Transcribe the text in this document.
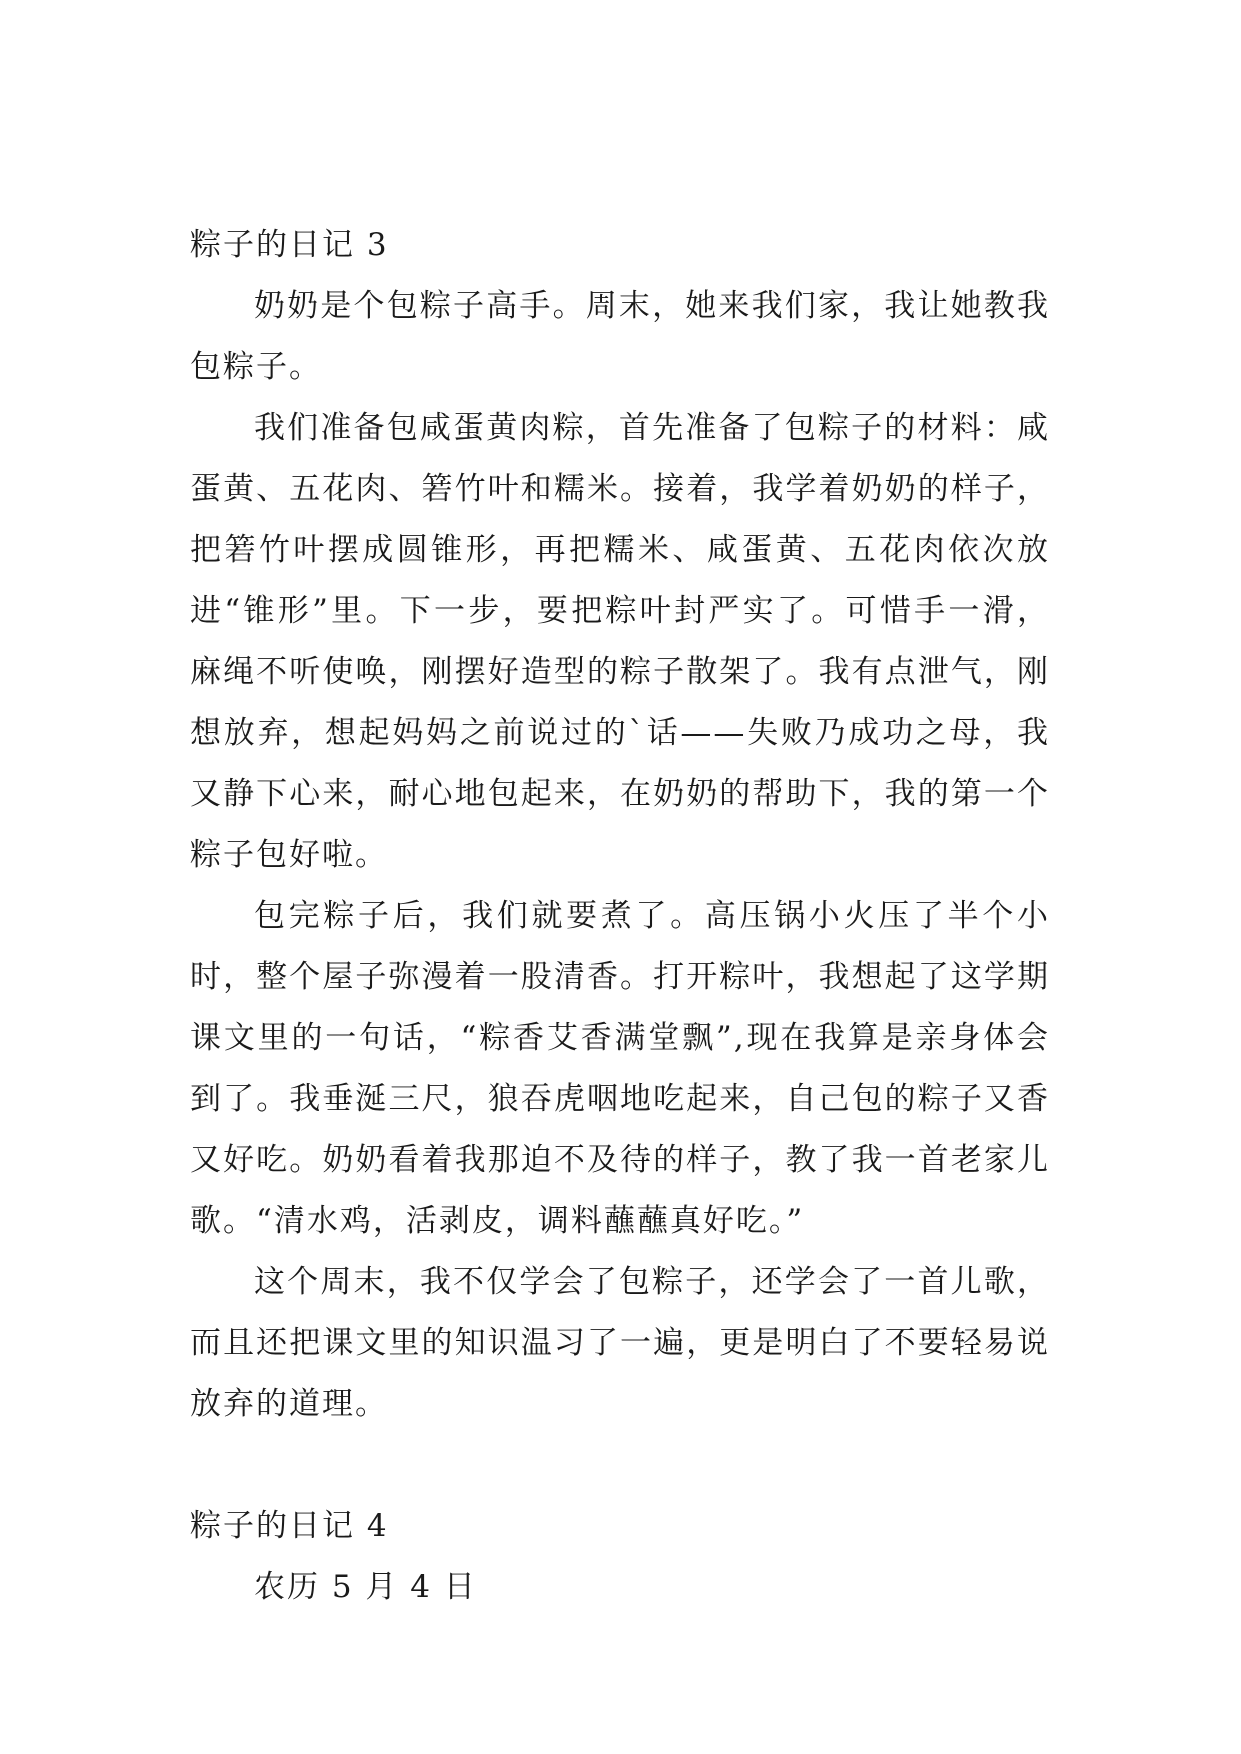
粽子的日记 3

奶奶是个包粽子高手。周末，她来我们家，我让她教我包粽子。

我们准备包咸蛋黄肉粽，首先准备了包粽子的材料：咸蛋黄、五花肉、箬竹叶和糯米。接着，我学着奶奶的样子，把箬竹叶摆成圆锥形，再把糯米、咸蛋黄、五花肉依次放进“锥形”里。下一步，要把粽叶封严实了。可惜手一滑，麻绳不听使唤，刚摆好造型的粽子散架了。我有点泄气，刚想放弃，想起妈妈之前说过的`话——失败乃成功之母，我又静下心来，耐心地包起来，在奶奶的帮助下，我的第一个粽子包好啦。

包完粽子后，我们就要煮了。高压锅小火压了半个小时，整个屋子弥漫着一股清香。打开粽叶，我想起了这学期课文里的一句话，“粽香艾香满堂飘”,现在我算是亲身体会到了。我垂涎三尺，狼吞虎咽地吃起来，自己包的粽子又香又好吃。奶奶看着我那迫不及待的样子，教了我一首老家儿歌。“清水鸡，活剥皮，调料蘸蘸真好吃。”

这个周末，我不仅学会了包粽子，还学会了一首儿歌，而且还把课文里的知识温习了一遍，更是明白了不要轻易说放弃的道理。

粽子的日记 4

农历 5 月 4 日
